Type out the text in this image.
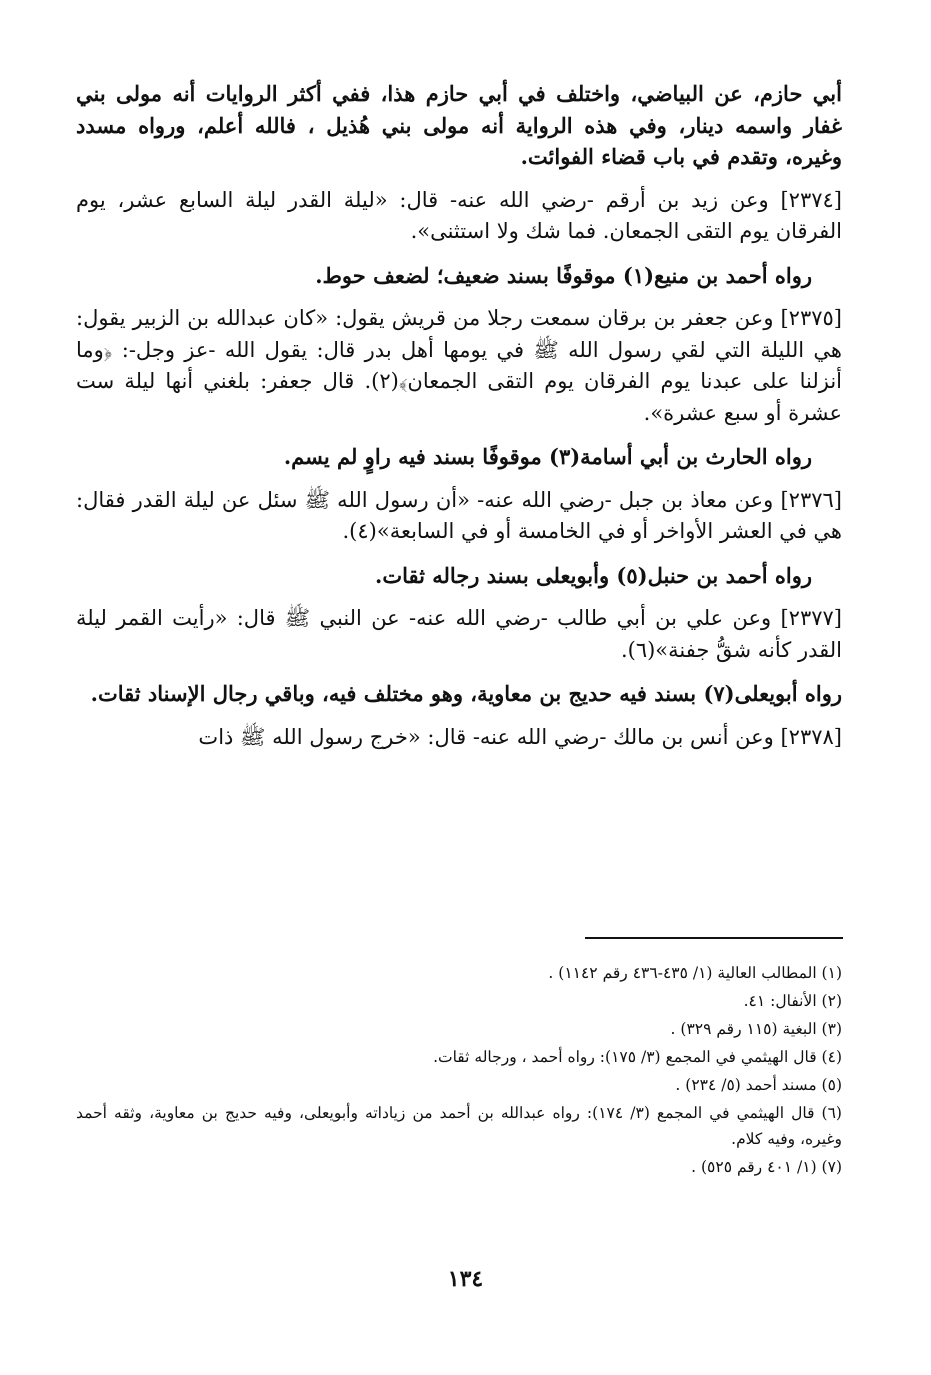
أبي حازم، عن البياضي، واختلف في أبي حازم هذا، ففي أكثر الروايات أنه مولى بني غفار واسمه دينار، وفي هذه الرواية أنه مولى بني هُذيل ، فالله أعلم، ورواه مسدد وغيره، وتقدم في باب قضاء الفوائت.

[٢٣٧٤] وعن زيد بن أرقم -رضي الله عنه- قال: «ليلة القدر ليلة السابع عشر، يوم الفرقان يوم التقى الجمعان. فما شك ولا استثنى».

رواه أحمد بن منيع(١) موقوفًا بسند ضعيف؛ لضعف حوط.

[٢٣٧٥] وعن جعفر بن برقان سمعت رجلا من قريش يقول: «كان عبدالله بن الزبير يقول: هي الليلة التي لقي رسول الله ﷺ في يومها أهل بدر قال: يقول الله -عز وجل-: ﴿وما أنزلنا على عبدنا يوم الفرقان يوم التقى الجمعان﴾(٢). قال جعفر: بلغني أنها ليلة ست عشرة أو سبع عشرة».

رواه الحارث بن أبي أسامة(٣) موقوفًا بسند فيه راوٍ لم يسم.

[٢٣٧٦] وعن معاذ بن جبل -رضي الله عنه- «أن رسول الله ﷺ سئل عن ليلة القدر فقال: هي في العشر الأواخر أو في الخامسة أو في السابعة»(٤).

رواه أحمد بن حنبل(٥) وأبويعلى بسند رجاله ثقات.

[٢٣٧٧] وعن علي بن أبي طالب -رضي الله عنه- عن النبي ﷺ قال: «رأيت القمر ليلة القدر كأنه شقُّ جفنة»(٦).

رواه أبويعلى(٧) بسند فيه حديج بن معاوية، وهو مختلف فيه، وباقي رجال الإسناد ثقات.

[٢٣٧٨] وعن أنس بن مالك -رضي الله عنه- قال: «خرج رسول الله ﷺ ذات

(١) المطالب العالية (١/ ٤٣٥-٤٣٦ رقم ١١٤٢) .

(٢) الأنفال: ٤١.

(٣) البغية (١١٥ رقم ٣٢٩) .

(٤) قال الهيثمي في المجمع (٣/ ١٧٥): رواه أحمد ، ورجاله ثقات.

(٥) مسند أحمد (٥/ ٢٣٤) .

(٦) قال الهيثمي في المجمع (٣/ ١٧٤): رواه عبدالله بن أحمد من زياداته وأبويعلى، وفيه حديج بن معاوية، وثقه أحمد وغيره، وفيه كلام.

(٧) (١/ ٤٠١ رقم ٥٢٥) .

١٣٤
